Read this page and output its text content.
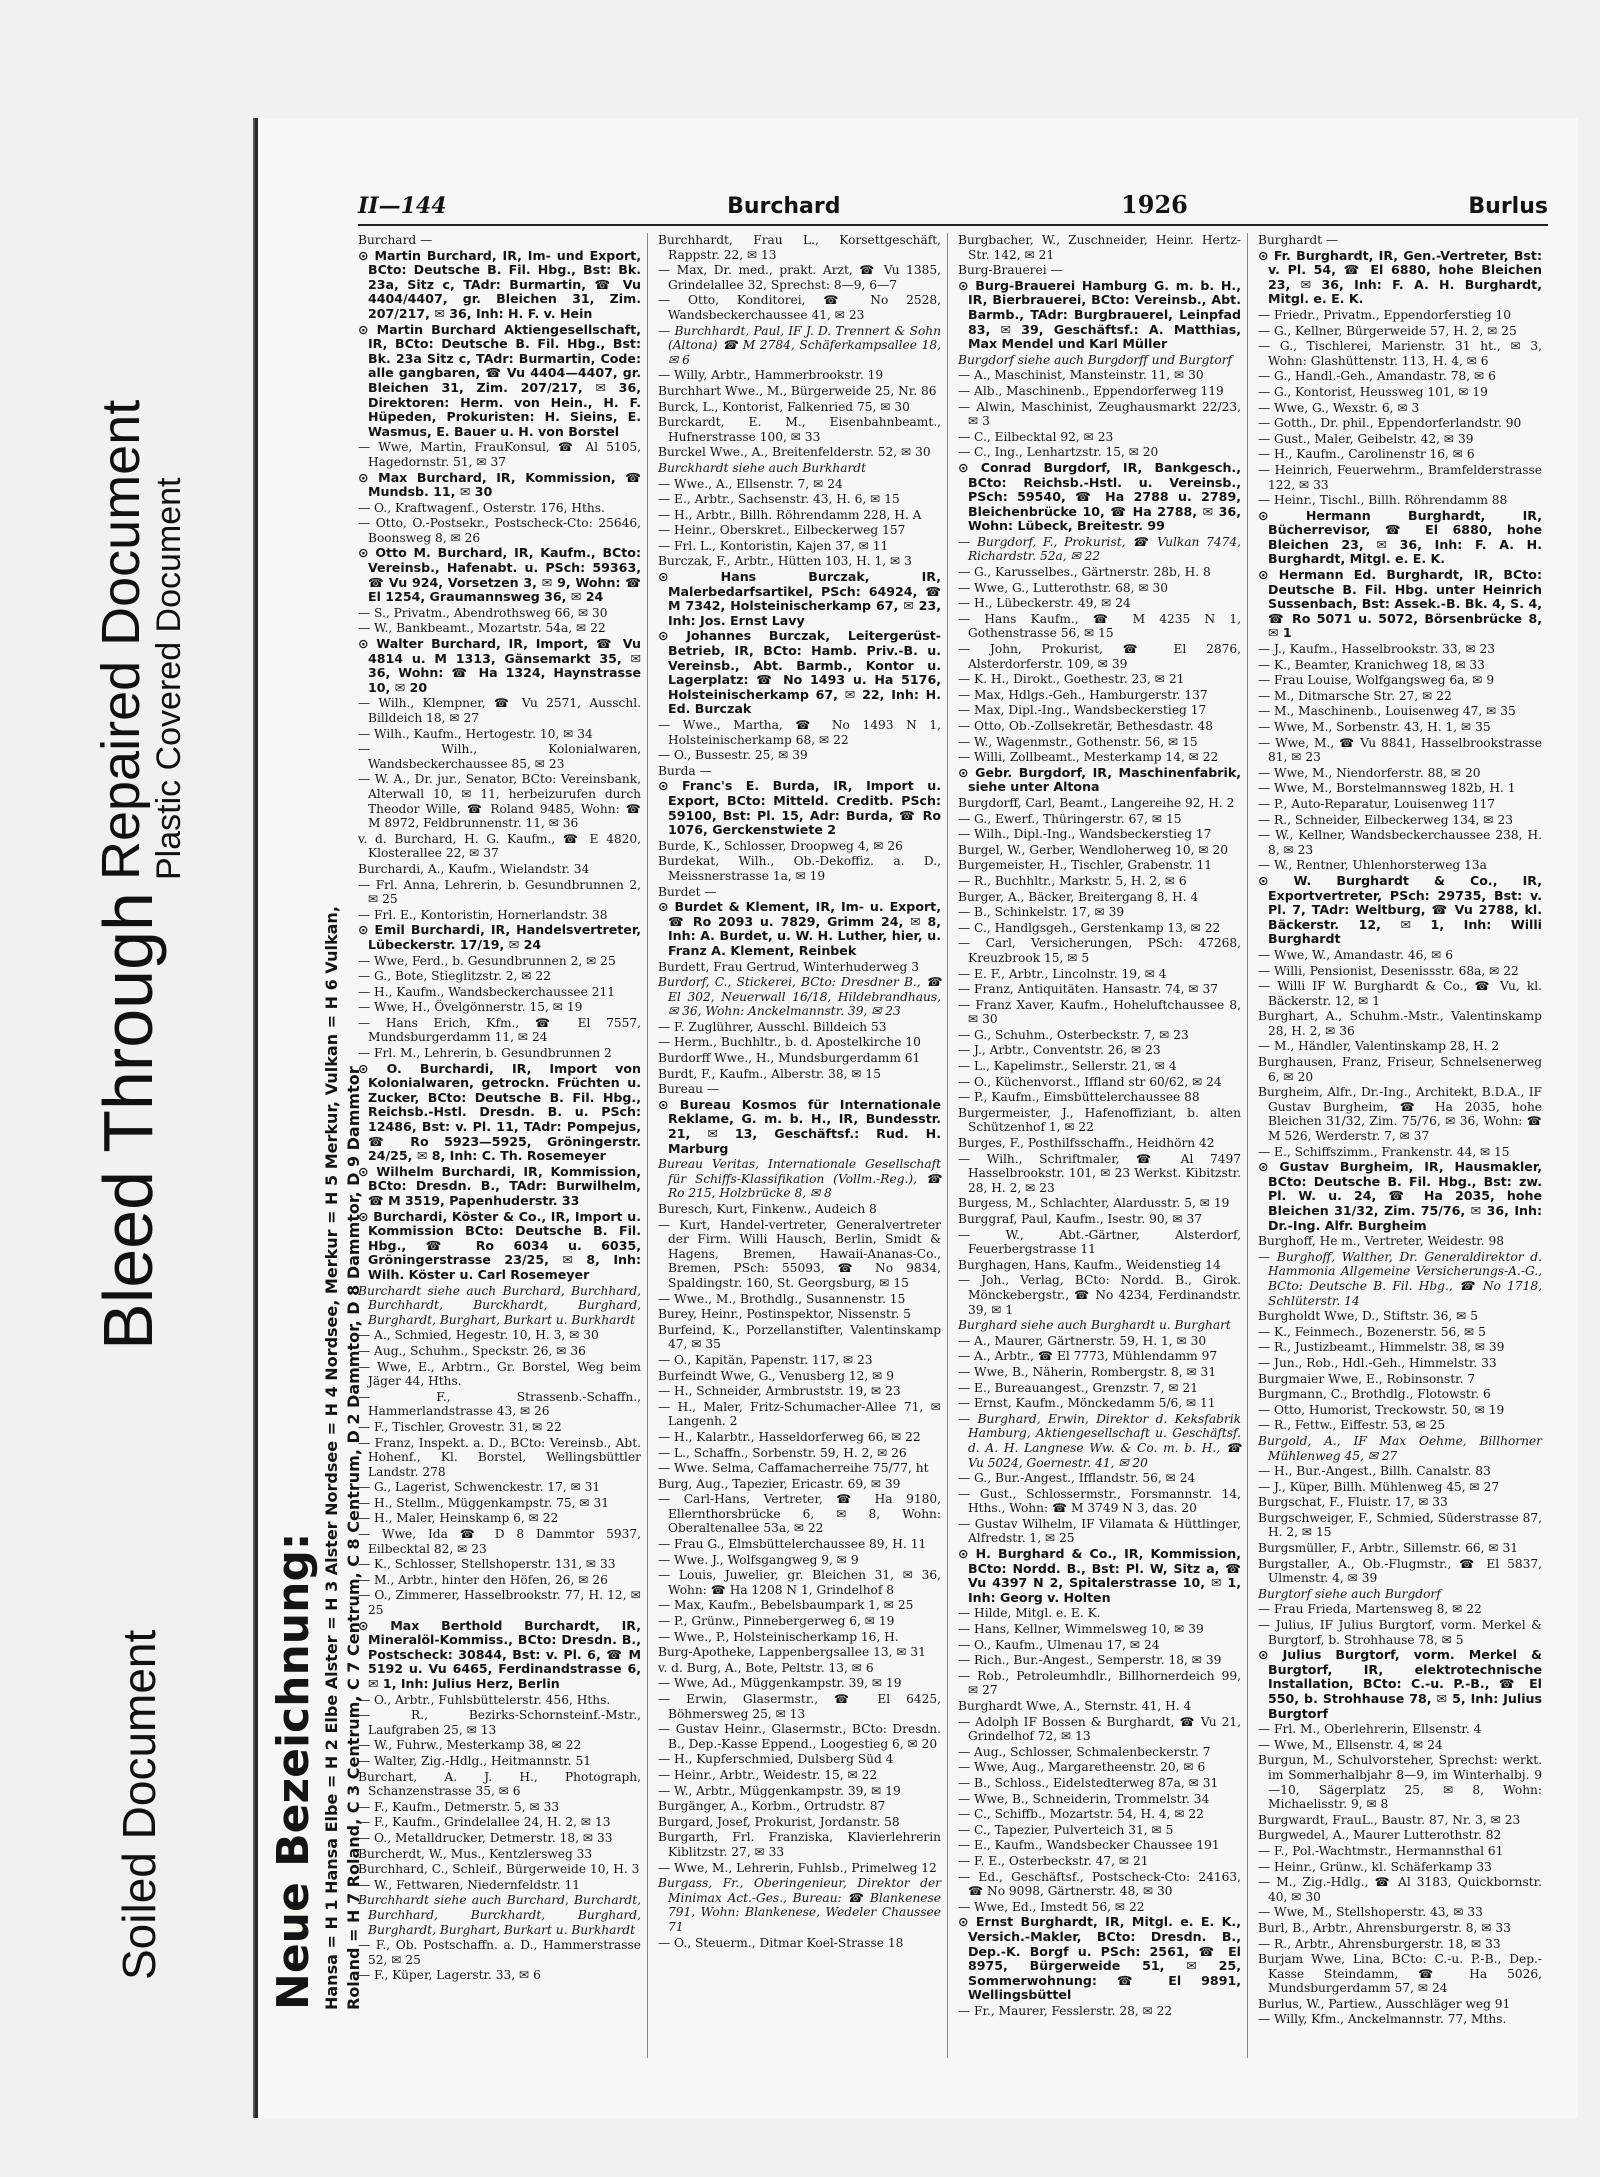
Soiled Document
Bleed Through
Repaired Document Plastic Covered Document
II—144	Burchard	1926	Burlus
Burchard —
⊙ Martin Burchard, IR, Im- und Export, BCto: Deutsche B. Fil. Hbg., Bst: Bk. 23a, Sitz c, TAdr: Burmartin, ☎ Vu 4404/4407, gr. Bleichen 31, Zim. 207/217, ✉ 36, Inh: H. F. v. Hein
⊙ Martin Burchard Aktiengesellschaft, IR, BCto: Deutsche B. Fil. Hbg., Bst: Bk. 23a Sitz c, TAdr: Burmartin, Code: alle gangbaren, ☎ Vu 4404—4407, gr. Bleichen 31, Zim. 207/217, ✉ 36, Direktoren: Herm. von Hein., H. F. Hüpeden, Prokuristen: H. Sieins, E. Wasmus, E. Bauer u. H. von Borstel
— Wwe, Martin, FrauKonsul, ☎ Al 5105, Hagedornstr. 51, ✉ 37
⊙ Max Burchard, IR, Kommission, ☎ Mundsb. 11, ✉ 30
— O., Kraftwagenf., Osterstr. 176, Hths.
— Otto, O.-Postsekr., Postscheck-Cto: 25646, Boonsweg 8, ✉ 26
⊙ Otto M. Burchard, IR, Kaufm., BCto: Vereinsb., Hafenabt. u. PSch: 59363, ☎ Vu 924, Vorsetzen 3, ✉ 9, Wohn: ☎ El 1254, Graumannsweg 36, ✉ 24
— S., Privatm., Abendrothsweg 66, ✉ 30
— W., Bankbeamt., Mozartstr. 54a, ✉ 22
⊙ Walter Burchard, IR, Import, ☎ Vu 4814 u. M 1313, Gänsemarkt 35, ✉ 36, Wohn: ☎ Ha 1324, Haynstrasse 10, ✉ 20
— Wilh., Klempner, ☎ Vu 2571, Ausschl. Billdeich 18, ✉ 27
— Wilh., Kaufm., Hertogestr. 10, ✉ 34
— Wilh., Kolonialwaren, Wandsbeckerchaussee 85, ✉ 23
— W. A., Dr. jur., Senator, BCto: Vereinsbank, Alterwall 10, ✉ 11, herbeizurufen durch Theodor Wille, ☎ Roland 9485, Wohn: ☎ M 8972, Feldbrunnenstr. 11, ✉ 36
v. d. Burchard, H. G. Kaufm., ☎ E 4820, Klosterallee 22, ✉ 37
Burchardi, A., Kaufm., Wielandstr. 34
— Frl. Anna, Lehrerin, b. Gesundbrunnen 2, ✉ 25
— Frl. E., Kontoristin, Hornerlandstr. 38
⊙ Emil Burchardi, IR, Handelsvertreter, Lübeckerstr. 17/19, ✉ 24
— Wwe, Ferd., b. Gesundbrunnen 2, ✉ 25
— G., Bote, Stieglitzstr. 2, ✉ 22
— H., Kaufm., Wandsbeckerchaussee 211
— Wwe, H., Övelgönnerstr. 15, ✉ 19
— Hans Erich, Kfm., ☎ El 7557, Mundsburgerdamm 11, ✉ 24
— Frl. M., Lehrerin, b. Gesundbrunnen 2
⊙ O. Burchardi, IR, Import von Kolonialwaren, getrockn. Früchten u. Zucker, BCto: Deutsche B. Fil. Hbg., Reichsb.-Hstl. Dresdn. B. u. PSch: 12486, Bst: v. Pl. 11, TAdr: Pompejus, ☎ Ro 5923—5925, Gröningerstr. 24/25, ✉ 8, Inh: C. Th. Rosemeyer
⊙ Wilhelm Burchardi, IR, Kommission, BCto: Dresdn. B., TAdr: Burwilhelm, ☎ M 3519, Papenhuderstr. 33
⊙ Burchardi, Köster & Co., IR, Import u. Kommission BCto: Deutsche B. Fil. Hbg., ☎ Ro 6034 u. 6035, Gröningerstrasse 23/25, ✉ 8, Inh: Wilh. Köster u. Carl Rosemeyer
Burchardt siehe auch Burchard, Burchhard, Burchhardt, Burckhardt, Burghard, Burghardt, Burghart, Burkart u. Burkhardt
— A., Schmied, Hegestr. 10, H. 3, ✉ 30
— Aug., Schuhm., Speckstr. 26, ✉ 36
— Wwe, E., Arbtrn., Gr. Borstel, Weg beim Jäger 44, Hths.
— F., Strassenb.-Schaffn., Hammerlandstrasse 43, ✉ 26
— F., Tischler, Grovestr. 31, ✉ 22
— Franz, Inspekt. a. D., BCto: Vereinsb., Abt. Hohenf., Kl. Borstel, Wellingsbüttler Landstr. 278
— G., Lagerist, Schwenckestr. 17, ✉ 31
— H., Stellm., Müggenkampstr. 75, ✉ 31
— H., Maler, Heinskamp 6, ✉ 22
— Wwe, Ida ☎ D 8 Dammtor 5937, Eilbecktal 82, ✉ 23
— K., Schlosser, Stellshoperstr. 131, ✉ 33
— M., Arbtr., hinter den Höfen, 26, ✉ 26
— O., Zimmerer, Hasselbrookstr. 77, H. 12, ✉ 25
⊙ Max Berthold Burchardt, IR, Mineralöl-Kommiss., BCto: Dresdn. B., Postscheck: 30844, Bst: v. Pl. 6, ☎ M 5192 u. Vu 6465, Ferdinandstrasse 6, ✉ 1, Inh: Julius Herz, Berlin
— O., Arbtr., Fuhlsbüttelerstr. 456, Hths.
— R., Bezirks-Schornsteinf.-Mstr., Laufgraben 25, ✉ 13
— W., Fuhrw., Mesterkamp 38, ✉ 22
— Walter, Zig.-Hdlg., Heitmannstr. 51
Burchart, A. J. H., Photograph, Schanzenstrasse 35, ✉ 6
— F., Kaufm., Detmerstr. 5, ✉ 33
— F., Kaufm., Grindelallee 24, H. 2, ✉ 13
— O., Metalldrucker, Detmerstr. 18, ✉ 33
Burcherdt, W., Mus., Kentzlersweg 33
Burchhard, C., Schleif., Bürgerweide 10, H. 3
— W., Fettwaren, Niedernfeldstr. 11
Burchhardt siehe auch Burchard, Burchardt, Burchhard, Burckhardt, Burghard, Burghardt, Burghart, Burkart u. Burkhardt
— F., Ob. Postschaffn. a. D., Hammerstrasse 52, ✉ 25
— F., Küper, Lagerstr. 33, ✉ 6
Burchhardt, Frau L., Korsettgeschäft, Rappstr. 22, ✉ 13
— Max, Dr. med., prakt. Arzt, ☎ Vu 1385, Grindelallee 32, Sprechst: 8—9, 6—7
— Otto, Konditorei, ☎ No 2528, Wandsbeckerchaussee 41, ✉ 23
— Burchhardt, Paul, IF J. D. Trennert & Sohn (Altona) ☎ M 2784, Schäferkampsallee 18, ✉ 6
— Willy, Arbtr., Hammerbrookstr. 19
Burchhart Wwe., M., Bürgerweide 25, Nr. 86
Burck, L., Kontorist, Falkenried 75, ✉ 30
Burckardt, E. M., Eisenbahnbeamt., Hufnerstrasse 100, ✉ 33
Burckel Wwe., A., Breitenfelderstr. 52, ✉ 30
Burckhardt siehe auch Burkhardt
— Wwe., A., Ellsenstr. 7, ✉ 24
— E., Arbtr., Sachsenstr. 43, H. 6, ✉ 15
— H., Arbtr., Billh. Röhrendamm 228, H. A
— Heinr., Oberskret., Eilbeckerweg 157
— Frl. L., Kontoristin, Kajen 37, ✉ 11
Burczak, F., Arbtr., Hütten 103, H. 1, ✉ 3
⊙ Hans Burczak, IR, Malerbedarfsartikel, PSch: 64924, ☎ M 7342, Holsteinischerkamp 67, ✉ 23, Inh: Jos. Ernst Lavy
⊙ Johannes Burczak, Leitergerüst-Betrieb, IR, BCto: Hamb. Priv.-B. u. Vereinsb., Abt. Barmb., Kontor u. Lagerplatz: ☎ No 1493 u. Ha 5176, Holsteinischerkamp 67, ✉ 22, Inh: H. Ed. Burczak
— Wwe., Martha, ☎ No 1493 N 1, Holsteinischerkamp 68, ✉ 22
— O., Bussestr. 25, ✉ 39
Burda —
⊙ Franc's E. Burda, IR, Import u. Export, BCto: Mitteld. Creditb. PSch: 59100, Bst: Pl. 15, Adr: Burda, ☎ Ro 1076, Gerckenstwiete 2
Burde, K., Schlosser, Droopweg 4, ✉ 26
Burdekat, Wilh., Ob.-Dekoffiz. a. D., Meissnerstrasse 1a, ✉ 19
Burdet —
⊙ Burdet & Klement, IR, Im- u. Export, ☎ Ro 2093 u. 7829, Grimm 24, ✉ 8, Inh: A. Burdet, u. W. H. Luther, hier, u. Franz A. Klement, Reinbek
Burdett, Frau Gertrud, Winterhuderweg 3
Burdorf, C., Stickerei, BCto: Dresdner B., ☎ El 302, Neuerwall 16/18, Hildebrandhaus, ✉ 36, Wohn: Anckelmannstr. 39, ✉ 23
— F. Zuglührer, Ausschl. Billdeich 53
— Herm., Buchhltr., b. d. Apostelkirche 10
Burdorff Wwe., H., Mundsburgerdamm 61
Burdt, F., Kaufm., Alberstr. 38, ✉ 15
Bureau —
⊙ Bureau Kosmos für Internationale Reklame, G. m. b. H., IR, Bundesstr. 21, ✉ 13, Geschäftsf.: Rud. H. Marburg
Bureau Veritas, Internationale Gesellschaft für Schiffs-Klassifikation (Vollm.-Reg.), ☎ Ro 215, Holzbrücke 8, ✉ 8
Buresch, Kurt, Finkenw., Audeich 8
— Kurt, Handel-vertreter, Generalvertreter der Firm. Willi Hausch, Berlin, Smidt & Hagens, Bremen, Hawaii-Ananas-Co., Bremen, PSch: 55093, ☎ No 9834, Spaldingstr. 160, St. Georgsburg, ✉ 15
— Wwe., M., Brothdlg., Susannenstr. 15
Burey, Heinr., Postinspektor, Nissenstr. 5
Burfeind, K., Porzellanstifter, Valentinskamp 47, ✉ 35
— O., Kapitän, Papenstr. 117, ✉ 23
Burfeindt Wwe, G., Venusberg 12, ✉ 9
— H., Schneider, Armbruststr. 19, ✉ 23
— H., Maler, Fritz-Schumacher-Allee 71, ✉ Langenh. 2
— H., Kalarbtr., Hasseldorferweg 66, ✉ 22
— L., Schaffn., Sorbenstr. 59, H. 2, ✉ 26
— Wwe. Selma, Caffamacherreihe 75/77, ht
Burg, Aug., Tapezier, Ericastr. 69, ✉ 39
— Carl-Hans, Vertreter, ☎ Ha 9180, Ellernthorsbrücke 6, ✉ 8, Wohn: Oberaltenallee 53a, ✉ 22
— Frau G., Elmsbüttelerchaussee 89, H. 11
— Wwe. J., Wolfsgangweg 9, ✉ 9
— Louis, Juwelier, gr. Bleichen 31, ✉ 36, Wohn: ☎ Ha 1208 N 1, Grindelhof 8
— Max, Kaufm., Bebelsbaumpark 1, ✉ 25
— P., Grünw., Pinnebergerweg 6, ✉ 19
— Wwe., P., Holsteinischerkamp 16, H.
Burg-Apotheke, Lappenbergsallee 13, ✉ 31
v. d. Burg, A., Bote, Peltstr. 13, ✉ 6
— Wwe, Ad., Müggenkampstr. 39, ✉ 19
— Erwin, Glasermstr., ☎ El 6425, Böhmersweg 25, ✉ 13
— Gustav Heinr., Glasermstr., BCto: Dresdn. B., Dep.-Kasse Eppend., Loogestieg 6, ✉ 20
— H., Kupferschmied, Dulsberg Süd 4
— Heinr., Arbtr., Weidestr. 15, ✉ 22
— W., Arbtr., Müggenkampstr. 39, ✉ 19
Burgänger, A., Korbm., Ortrudstr. 87
Burgard, Josef, Prokurist, Jordanstr. 58
Burgarth, Frl. Franziska, Klavierlehrerin Kiblitzstr. 27, ✉ 33
— Wwe, M., Lehrerin, Fuhlsb., Primelweg 12
Burgass, Fr., Oberingenieur, Direktor der Minimax Act.-Ges., Bureau: ☎ Blankenese 791, Wohn: Blankenese, Wedeler Chaussee 71
— O., Steuerm., Ditmar Koel-Strasse 18
Burgbacher, W., Zuschneider, Heinr. Hertz-Str. 142, ✉ 21
Burg-Brauerei —
⊙ Burg-Brauerei Hamburg G. m. b. H., IR, Bierbrauerei, BCto: Vereinsb., Abt. Barmb., TAdr: Burgbrauerel, Leinpfad 83, ✉ 39, Geschäftsf.: A. Matthias, Max Mendel und Karl Müller
Burgdorf siehe auch Burgdorff und Burgtorf
— A., Maschinist, Mansteinstr. 11, ✉ 30
— Alb., Maschinenb., Eppendorferweg 119
— Alwin, Maschinist, Zeughausmarkt 22/23, ✉ 3
— C., Eilbecktal 92, ✉ 23
— C., Ing., Lenhartzstr. 15, ✉ 20
⊙ Conrad Burgdorf, IR, Bankgesch., BCto: Reichsb.-Hstl. u. Vereinsb., PSch: 59540, ☎ Ha 2788 u. 2789, Bleichenbrücke 10, ☎ Ha 2788, ✉ 36, Wohn: Lübeck, Breitestr. 99
— Burgdorf, F., Prokurist, ☎ Vulkan 7474, Richardstr. 52a, ✉ 22
— G., Karusselbes., Gärtnerstr. 28b, H. 8
— Wwe, G., Lutterothstr. 68, ✉ 30
— H., Lübeckerstr. 49, ✉ 24
— Hans Kaufm., ☎ M 4235 N 1, Gothenstrasse 56, ✉ 15
— John, Prokurist, ☎ El 2876, Alsterdorferstr. 109, ✉ 39
— K. H., Dirokt., Goethestr. 23, ✉ 21
— Max, Hdlgs.-Geh., Hamburgerstr. 137
— Max, Dipl.-Ing., Wandsbeckerstieg 17
— Otto, Ob.-Zollsekretär, Bethesdastr. 48
— W., Wagenmstr., Gothenstr. 56, ✉ 15
— Willi, Zollbeamt., Mesterkamp 14, ✉ 22
⊙ Gebr. Burgdorf, IR, Maschinenfabrik, siehe unter Altona
Burgdorff, Carl, Beamt., Langereihe 92, H. 2
— G., Ewerf., Thüringerstr. 67, ✉ 15
— Wilh., Dipl.-Ing., Wandsbeckerstieg 17
Burgel, W., Gerber, Wendloherweg 10, ✉ 20
Burgemeister, H., Tischler, Grabenstr. 11
— R., Buchhltr., Markstr. 5, H. 2, ✉ 6
Burger, A., Bäcker, Breitergang 8, H. 4
— B., Schinkelstr. 17, ✉ 39
— C., Handlgsgeh., Gerstenkamp 13, ✉ 22
— Carl, Versicherungen, PSch: 47268, Kreuzbrook 15, ✉ 5
— E. F., Arbtr., Lincolnstr. 19, ✉ 4
— Franz, Antiquitäten. Hansastr. 74, ✉ 37
— Franz Xaver, Kaufm., Hoheluftchaussee 8, ✉ 30
— G., Schuhm., Osterbeckstr. 7, ✉ 23
— J., Arbtr., Conventstr. 26, ✉ 23
— L., Kapelimstr., Sellerstr. 21, ✉ 4
— O., Küchenvorst., Iffland str 60/62, ✉ 24
— P., Kaufm., Eimsbüttelerchaussee 88
Burgermeister, J., Hafenoffiziant, b. alten Schützenhof 1, ✉ 22
Burges, F., Posthilfsschaffn., Heidhörn 42
— Wilh., Schriftmaler, ☎ Al 7497 Hasselbrookstr. 101, ✉ 23 Werkst. Kibitzstr. 28, H. 2, ✉ 23
Burgess, M., Schlachter, Alardusstr. 5, ✉ 19
Burggraf, Paul, Kaufm., Isestr. 90, ✉ 37
— W., Abt.-Gärtner, Alsterdorf, Feuerbergstrasse 11
Burghagen, Hans, Kaufm., Weidenstieg 14
— Joh., Verlag, BCto: Nordd. B., Girok. Mönckebergstr., ☎ No 4234, Ferdinandstr. 39, ✉ 1
Burghard siehe auch Burghardt u. Burghart
— A., Maurer, Gärtnerstr. 59, H. 1, ✉ 30
— A., Arbtr., ☎ El 7773, Mühlendamm 97
— Wwe, B., Näherin, Rombergstr. 8, ✉ 31
— E., Bureauangest., Grenzstr. 7, ✉ 21
— Ernst, Kaufm., Mönckedamm 5/6, ✉ 11
— Burghard, Erwin, Direktor d. Keksfabrik Hamburg, Aktiengesellschaft u. Geschäftsf. d. A. H. Langnese Ww. & Co. m. b. H., ☎ Vu 5024, Goernestr. 41, ✉ 20
— G., Bur.-Angest., Ifflandstr. 56, ✉ 24
— Gust., Schlossermstr., Forsmannstr. 14, Hths., Wohn: ☎ M 3749 N 3, das. 20
— Gustav Wilhelm, IF Vilamata & Hüttlinger, Alfredstr. 1, ✉ 25
⊙ H. Burghard & Co., IR, Kommission, BCto: Nordd. B., Bst: Pl. W, Sitz a, ☎ Vu 4397 N 2, Spitalerstrasse 10, ✉ 1, Inh: Georg v. Holten
— Hilde, Mitgl. e. E. K.
— Hans, Kellner, Wimmelsweg 10, ✉ 39
— O., Kaufm., Ulmenau 17, ✉ 24
— Rich., Bur.-Angest., Semperstr. 18, ✉ 39
— Rob., Petroleumhdlr., Billhornerdeich 99, ✉ 27
Burghardt Wwe, A., Sternstr. 41, H. 4
— Adolph IF Bossen & Burghardt, ☎ Vu 21, Grindelhof 72, ✉ 13
— Aug., Schlosser, Schmalenbeckerstr. 7
— Wwe, Aug., Margaretheenstr. 20, ✉ 6
— B., Schloss., Eidelstedterweg 87a, ✉ 31
— Wwe, B., Schneiderin, Trommelstr. 34
— C., Schiffb., Mozartstr. 54, H. 4, ✉ 22
— C., Tapezier, Pulverteich 31, ✉ 5
— E., Kaufm., Wandsbecker Chaussee 191
— F. E., Osterbeckstr. 47, ✉ 21
— Ed., Geschäftsf., Postscheck-Cto: 24163, ☎ No 9098, Gärtnerstr. 48, ✉ 30
— Wwe, Ed., Imstedt 56, ✉ 22
⊙ Ernst Burghardt, IR, Mitgl. e. E. K., Versich.-Makler, BCto: Dresdn. B., Dep.-K. Borgf u. PSch: 2561, ☎ El 8975, Bürgerweide 51, ✉ 25, Sommerwohnung: ☎ El 9891, Wellingsbüttel
— Fr., Maurer, Fesslerstr. 28, ✉ 22
Burghardt —
⊙ Fr. Burghardt, IR, Gen.-Vertreter, Bst: v. Pl. 54, ☎ El 6880, hohe Bleichen 23, ✉ 36, Inh: F. A. H. Burghardt, Mitgl. e. E. K.
— Friedr., Privatm., Eppendorferstieg 10
— G., Kellner, Bürgerweide 57, H. 2, ✉ 25
— G., Tischlerei, Marienstr. 31 ht., ✉ 3, Wohn: Glashüttenstr. 113, H. 4, ✉ 6
— G., Handl.-Geh., Amandastr. 78, ✉ 6
— G., Kontorist, Heussweg 101, ✉ 19
— Wwe, G., Wexstr. 6, ✉ 3
— Gotth., Dr. phil., Eppendorferlandstr. 90
— Gust., Maler, Geibelstr. 42, ✉ 39
— H., Kaufm., Carolinenstr 16, ✉ 6
— Heinrich, Feuerwehrm., Bramfelderstrasse 122, ✉ 33
— Heinr., Tischl., Billh. Röhrendamm 88
⊙ Hermann Burghardt, IR, Bücherrevisor, ☎ El 6880, hohe Bleichen 23, ✉ 36, Inh: F. A. H. Burghardt, Mitgl. e. E. K.
⊙ Hermann Ed. Burghardt, IR, BCto: Deutsche B. Fil. Hbg. unter Heinrich Sussenbach, Bst: Assek.-B. Bk. 4, S. 4, ☎ Ro 5071 u. 5072, Börsenbrücke 8, ✉ 1
— J., Kaufm., Hasselbrookstr. 33, ✉ 23
— K., Beamter, Kranichweg 18, ✉ 33
— Frau Louise, Wolfgangsweg 6a, ✉ 9
— M., Ditmarsche Str. 27, ✉ 22
— M., Maschinenb., Louisenweg 47, ✉ 35
— Wwe, M., Sorbenstr. 43, H. 1, ✉ 35
— Wwe, M., ☎ Vu 8841, Hasselbrookstrasse 81, ✉ 23
— Wwe, M., Niendorferstr. 88, ✉ 20
— Wwe, M., Borstelmannsweg 182b, H. 1
— P., Auto-Reparatur, Louisenweg 117
— R., Schneider, Eilbeckerweg 134, ✉ 23
— W., Kellner, Wandsbeckerchaussee 238, H. 8, ✉ 23
— W., Rentner, Uhlenhorsterweg 13a
⊙ W. Burghardt & Co., IR, Exportvertreter, PSch: 29735, Bst: v. Pl. 7, TAdr: Weltburg, ☎ Vu 2788, kl. Bäckerstr. 12, ✉ 1, Inh: Willi Burghardt
— Wwe, W., Amandastr. 46, ✉ 6
— Willi, Pensionist, Desenissstr. 68a, ✉ 22
— Willi IF W. Burghardt & Co., ☎ Vu, kl. Bäckerstr. 12, ✉ 1
Burghart, A., Schuhm.-Mstr., Valentinskamp 28, H. 2, ✉ 36
— M., Händler, Valentinskamp 28, H. 2
Burghausen, Franz, Friseur, Schnelsenerweg 6, ✉ 20
Burgheim, Alfr., Dr.-Ing., Architekt, B.D.A., IF Gustav Burgheim, ☎ Ha 2035, hohe Bleichen 31/32, Zim. 75/76, ✉ 36, Wohn: ☎ M 526, Werderstr. 7, ✉ 37
— E., Schiffszimm., Frankenstr. 44, ✉ 15
⊙ Gustav Burgheim, IR, Hausmakler, BCto: Deutsche B. Fil. Hbg., Bst: zw. Pl. W. u. 24, ☎ Ha 2035, hohe Bleichen 31/32, Zim. 75/76, ✉ 36, Inh: Dr.-Ing. Alfr. Burgheim
Burghoff, He m., Vertreter, Weidestr. 98
— Burghoff, Walther, Dr. Generaldirektor d. Hammonia Allgemeine Versicherungs-A.-G., BCto: Deutsche B. Fil. Hbg., ☎ No 1718, Schlüterstr. 14
Burgholdt Wwe, D., Stiftstr. 36, ✉ 5
— K., Feinmech., Bozenerstr. 56, ✉ 5
— R., Justizbeamt., Himmelstr. 38, ✉ 39
— Jun., Rob., Hdl.-Geh., Himmelstr. 33
Burgmaier Wwe, E., Robinsonstr. 7
Burgmann, C., Brothdlg., Flotowstr. 6
— Otto, Humorist, Treckowstr. 50, ✉ 19
— R., Fettw., Eiffestr. 53, ✉ 25
Burgold, A., IF Max Oehme, Billhorner Mühlenweg 45, ✉ 27
— H., Bur.-Angest., Billh. Canalstr. 83
— J., Küper, Billh. Mühlenweg 45, ✉ 27
Burgschat, F., Fluistr. 17, ✉ 33
Burgschweiger, F., Schmied, Süderstrasse 87, H. 2, ✉ 15
Burgsmüller, F., Arbtr., Sillemstr. 66, ✉ 31
Burgstaller, A., Ob.-Flugmstr., ☎ El 5837, Ulmenstr. 4, ✉ 39
Burgtorf siehe auch Burgdorf
— Frau Frieda, Martensweg 8, ✉ 22
— Julius, IF Julius Burgtorf, vorm. Merkel & Burgtorf, b. Strohhause 78, ✉ 5
⊙ Julius Burgtorf, vorm. Merkel & Burgtorf, IR, elektrotechnische Installation, BCto: C.-u. P.-B., ☎ El 550, b. Strohhause 78, ✉ 5, Inh: Julius Burgtorf
— Frl. M., Oberlehrerin, Ellsenstr. 4
— Wwe, M., Ellsenstr. 4, ✉ 24
Burgun, M., Schulvorsteher, Sprechst: werkt. im Sommerhalbjahr 8—9, im Winterhalbj. 9—10, Sägerplatz 25, ✉ 8, Wohn: Michaelisstr. 9, ✉ 8
Burgwardt, FrauL., Baustr. 87, Nr. 3, ✉ 23
Burgwedel, A., Maurer Lutterothstr. 82
— F., Pol.-Wachtmstr., Hermannsthal 61
— Heinr., Grünw., kl. Schäferkamp 33
— M., Zig.-Hdlg., ☎ Al 3183, Quickbornstr. 40, ✉ 30
— Wwe, M., Stellshoperstr. 43, ✉ 33
Burl, B., Arbtr., Ahrensburgerstr. 8, ✉ 33
— R., Arbtr., Ahrensburgerstr. 18, ✉ 33
Burjam Wwe, Lina, BCto: C.-u. P.-B., Dep.-Kasse Steindamm, ☎ Ha 5026, Mundsburgerdamm 57, ✉ 24
Burlus, W., Partiew., Ausschläger weg 91
— Willy, Kfm., Anckelmannstr. 77, Mths.
Neue Bezeichnung: Hansa = H 1 Hansa Elbe = H 2 Elbe Alster = H 3 Alster Nordsee = H 4 Nordsee, Merkur = H 5 Merkur, Vulkan = H 6 Vulkan, Roland = H 7 Roland, C 3 Centrum, C 7 Centrum, C 8 Centrum, D 2 Dammtor, D 8 Dammtor, D 9 Dammtor
